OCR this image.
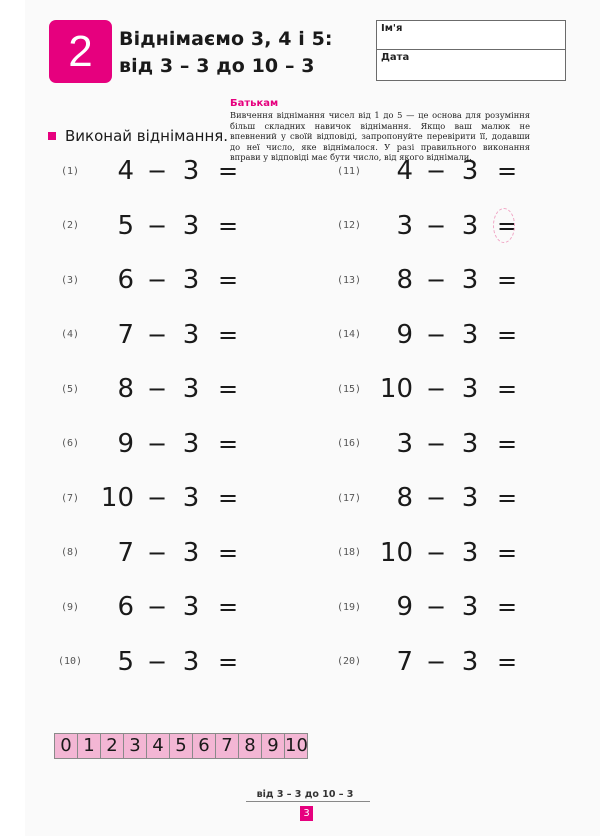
2	Віднімаємо 3, 4 і 5:
від 3 – 3 до 10 – 3
Ім'я
Дата
Батькам
Вивчення віднімання чисел від 1 до 5 — це основа для розуміння більш складних навичок віднімання. Якщо ваш малюк не впевнений у своїй відповіді, запропонуйте перевірити її, додавши до неї число, яке віднімалося. У разі правильного виконання вправи у відповіді має бути число, від якого віднімали.
Виконай віднімання.
(1)	4 − 3 =
(2)	5 − 3 =
(3)	6 − 3 =
(4)	7 − 3 =
(5)	8 − 3 =
(6)	9 − 3 =
(7) 10 − 3 =
(8)	7 − 3 =
(9)	6 − 3 =
(10)	5 − 3 =
(11)	4 − 3 =
(12)	3 − 3 =
(13)	8 − 3 =
(14)	9 − 3 =
(15) 10 − 3 =
(16)	3 − 3 =
(17)	8 − 3 =
(18) 10 − 3 =
(19)	9 − 3 =
(20)	7 − 3 =
0 1 2 3 4 5 6 7 8 9 10
від 3 – 3 до 10 – 3
3
